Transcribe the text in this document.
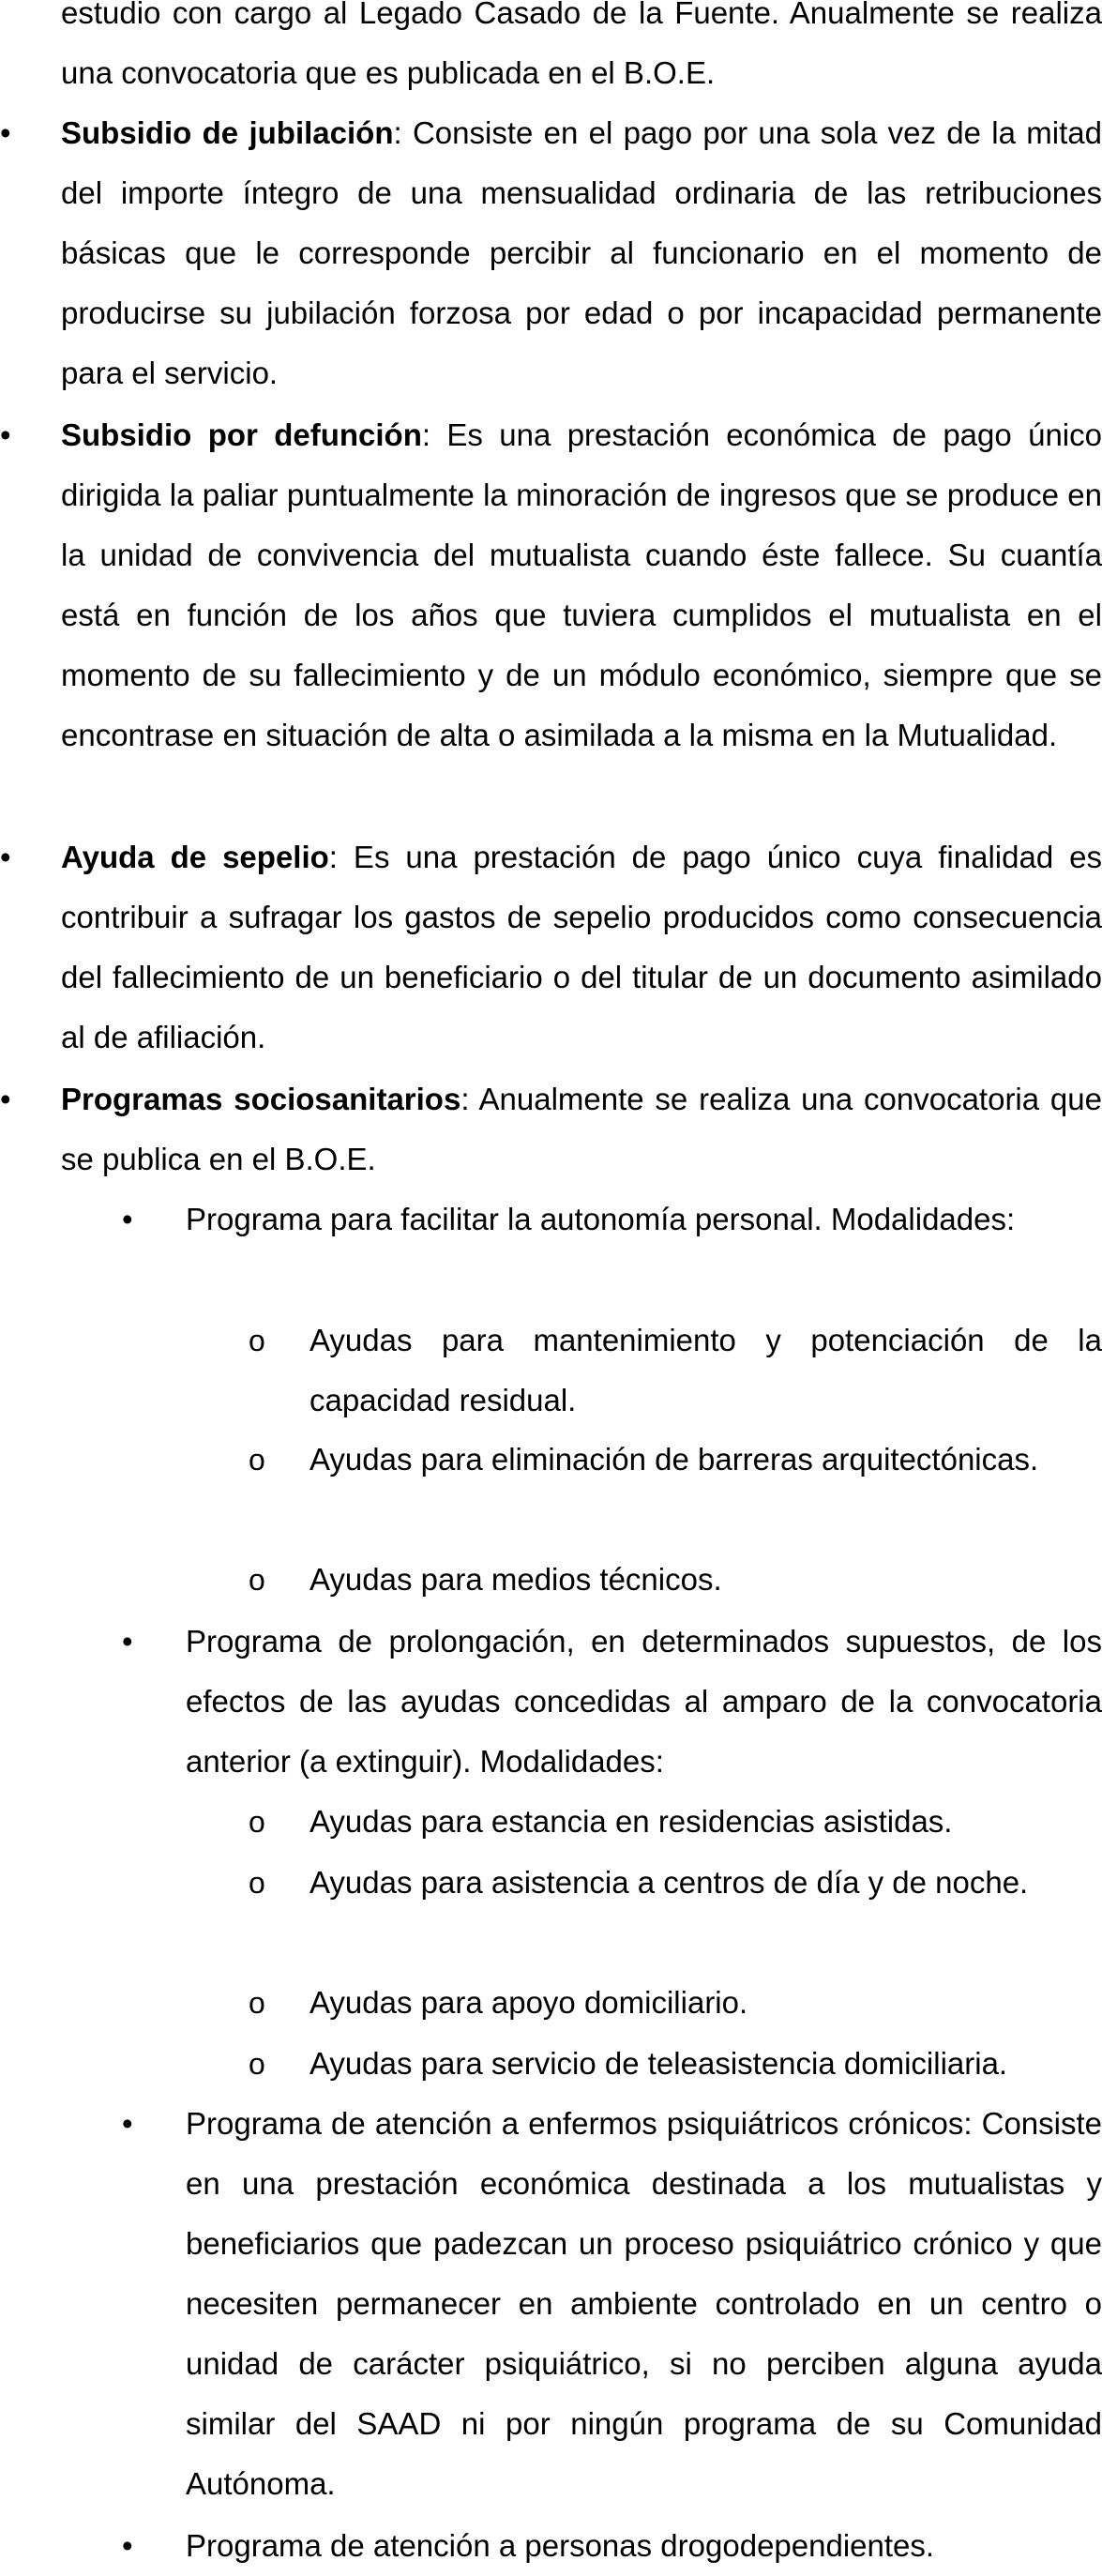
estudio con cargo al Legado Casado de la Fuente. Anualmente se realiza una convocatoria que es publicada en el B.O.E.

• Subsidio de jubilación: Consiste en el pago por una sola vez de la mitad del importe íntegro de una mensualidad ordinaria de las retribuciones básicas que le corresponde percibir al funcionario en el momento de producirse su jubilación forzosa por edad o por incapacidad permanente para el servicio.

• Subsidio por defunción: Es una prestación económica de pago único dirigida la paliar puntualmente la minoración de ingresos que se produce en la unidad de convivencia del mutualista cuando éste fallece. Su cuantía está en función de los años que tuviera cumplidos el mutualista en el momento de su fallecimiento y de un módulo económico, siempre que se encontrase en situación de alta o asimilada a la misma en la Mutualidad.

• Ayuda de sepelio: Es una prestación de pago único cuya finalidad es contribuir a sufragar los gastos de sepelio producidos como consecuencia del fallecimiento de un beneficiario o del titular de un documento asimilado al de afiliación.

• Programas sociosanitarios: Anualmente se realiza una convocatoria que se publica en el B.O.E.

• Programa para facilitar la autonomía personal. Modalidades:

o Ayudas para mantenimiento y potenciación de la capacidad residual.

o Ayudas para eliminación de barreras arquitectónicas.

o Ayudas para medios técnicos.

• Programa de prolongación, en determinados supuestos, de los efectos de las ayudas concedidas al amparo de la convocatoria anterior (a extinguir). Modalidades:

o Ayudas para estancia en residencias asistidas.

o Ayudas para asistencia a centros de día y de noche.

o Ayudas para apoyo domiciliario.

o Ayudas para servicio de teleasistencia domiciliaria.

• Programa de atención a enfermos psiquiátricos crónicos: Consiste en una prestación económica destinada a los mutualistas y beneficiarios que padezcan un proceso psiquiátrico crónico y que necesiten permanecer en ambiente controlado en un centro o unidad de carácter psiquiátrico, si no perciben alguna ayuda similar del SAAD ni por ningún programa de su Comunidad Autónoma.

• Programa de atención a personas drogodependientes.
